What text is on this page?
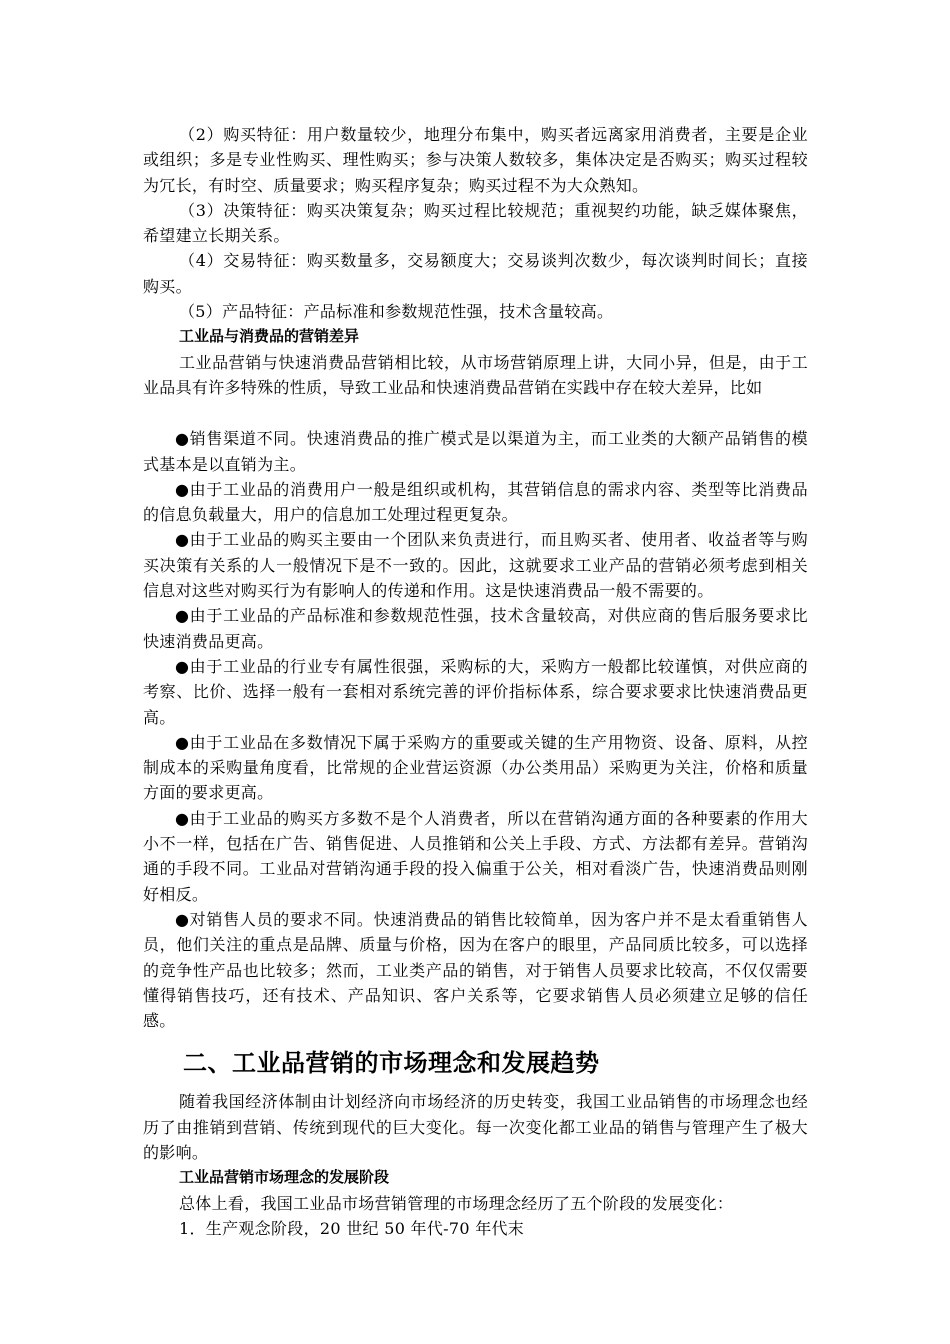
（2）购买特征：用户数量较少，地理分布集中，购买者远离家用消费者，主要是企业或组织；多是专业性购买、理性购买；参与决策人数较多，集体决定是否购买；购买过程较为冗长，有时空、质量要求；购买程序复杂；购买过程不为大众熟知。

（3）决策特征：购买决策复杂；购买过程比较规范；重视契约功能，缺乏媒体聚焦，希望建立长期关系。

（4）交易特征：购买数量多，交易额度大；交易谈判次数少，每次谈判时间长；直接购买。

（5）产品特征：产品标准和参数规范性强，技术含量较高。

工业品与消费品的营销差异

工业品营销与快速消费品营销相比较，从市场营销原理上讲，大同小异，但是，由于工业品具有许多特殊的性质，导致工业品和快速消费品营销在实践中存在较大差异，比如

●销售渠道不同。快速消费品的推广模式是以渠道为主，而工业类的大额产品销售的模式基本是以直销为主。

●由于工业品的消费用户一般是组织或机构，其营销信息的需求内容、类型等比消费品的信息负载量大，用户的信息加工处理过程更复杂。

●由于工业品的购买主要由一个团队来负责进行，而且购买者、使用者、收益者等与购买决策有关系的人一般情况下是不一致的。因此，这就要求工业产品的营销必须考虑到相关信息对这些对购买行为有影响人的传递和作用。这是快速消费品一般不需要的。

●由于工业品的产品标准和参数规范性强，技术含量较高，对供应商的售后服务要求比快速消费品更高。

●由于工业品的行业专有属性很强，采购标的大，采购方一般都比较谨慎，对供应商的考察、比价、选择一般有一套相对系统完善的评价指标体系，综合要求要求比快速消费品更高。

●由于工业品在多数情况下属于采购方的重要或关键的生产用物资、设备、原料，从控制成本的采购量角度看，比常规的企业营运资源（办公类用品）采购更为关注，价格和质量方面的要求更高。

●由于工业品的购买方多数不是个人消费者，所以在营销沟通方面的各种要素的作用大小不一样，包括在广告、销售促进、人员推销和公关上手段、方式、方法都有差异。营销沟通的手段不同。工业品对营销沟通手段的投入偏重于公关，相对看淡广告，快速消费品则刚好相反。

●对销售人员的要求不同。快速消费品的销售比较简单，因为客户并不是太看重销售人员，他们关注的重点是品牌、质量与价格，因为在客户的眼里，产品同质比较多，可以选择的竞争性产品也比较多；然而，工业类产品的销售，对于销售人员要求比较高，不仅仅需要懂得销售技巧，还有技术、产品知识、客户关系等，它要求销售人员必须建立足够的信任感。

二、工业品营销的市场理念和发展趋势

随着我国经济体制由计划经济向市场经济的历史转变，我国工业品销售的市场理念也经历了由推销到营销、传统到现代的巨大变化。每一次变化都工业品的销售与管理产生了极大的影响。

工业品营销市场理念的发展阶段

总体上看，我国工业品市场营销管理的市场理念经历了五个阶段的发展变化：

1．生产观念阶段，20 世纪 50 年代-70 年代末
